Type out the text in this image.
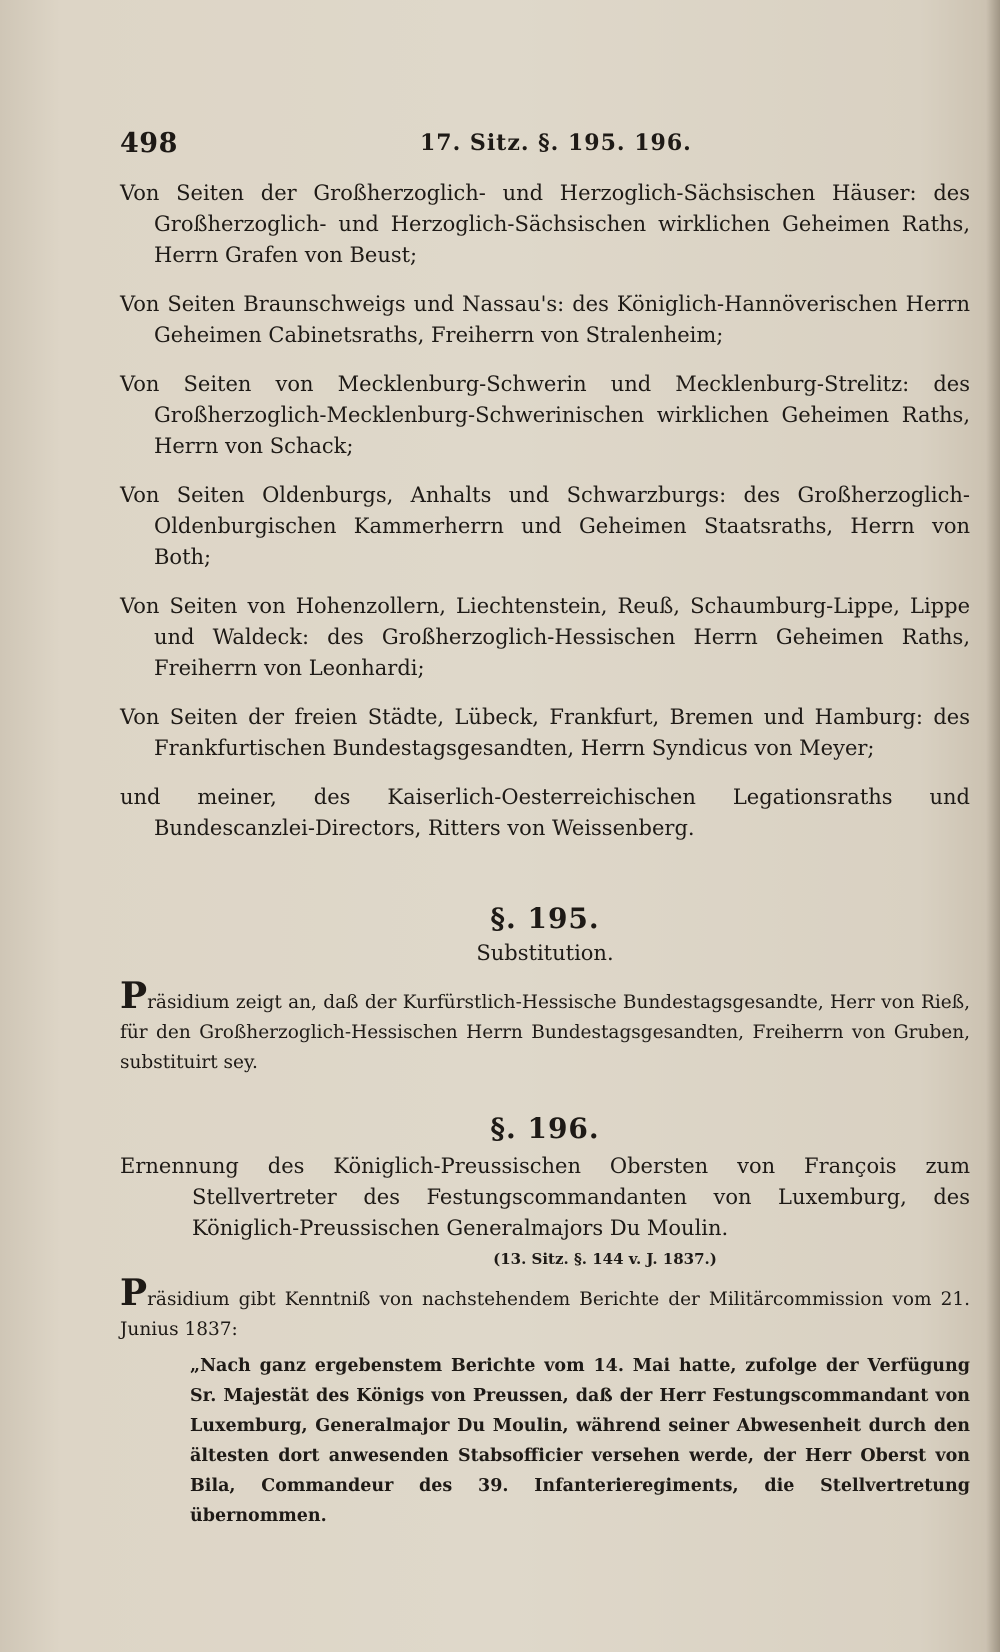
498	17. Sitz. §. 195. 196.

Von Seiten der Großherzoglich- und Herzoglich-Sächsischen Häuser: des Großherzoglich- und Herzoglich-Sächsischen wirklichen Geheimen Raths, Herrn Grafen von Beust;

Von Seiten Braunschweigs und Nassau's: des Königlich-Hannöverischen Herrn Geheimen Cabinetsraths, Freiherrn von Stralenheim;

Von Seiten von Mecklenburg-Schwerin und Mecklenburg-Strelitz: des Großherzoglich-Mecklenburg-Schwerinischen wirklichen Geheimen Raths, Herrn von Schack;

Von Seiten Oldenburgs, Anhalts und Schwarzburgs: des Großherzoglich-Oldenburgischen Kammerherrn und Geheimen Staatsraths, Herrn von Both;

Von Seiten von Hohenzollern, Liechtenstein, Reuß, Schaumburg-Lippe, Lippe und Waldeck: des Großherzoglich-Hessischen Herrn Geheimen Raths, Freiherrn von Leonhardi;

Von Seiten der freien Städte, Lübeck, Frankfurt, Bremen und Hamburg: des Frankfurtischen Bundestagsgesandten, Herrn Syndicus von Meyer;

und meiner, des Kaiserlich-Oesterreichischen Legationsraths und Bundescanzlei-Directors, Ritters von Weissenberg.

§. 195.
Substitution.

Präsidium zeigt an, daß der Kurfürstlich-Hessische Bundestagsgesandte, Herr von Rieß, für den Großherzoglich-Hessischen Herrn Bundestagsgesandten, Freiherrn von Gruben, substituirt sey.

§. 196.

Ernennung des Königlich-Preussischen Obersten von François zum Stellvertreter des Festungscommandanten von Luxemburg, des Königlich-Preussischen Generalmajors Du Moulin.

(13. Sitz. §. 144 v. J. 1837.)

Präsidium gibt Kenntniß von nachstehendem Berichte der Militärcommission vom 21. Junius 1837:

„Nach ganz ergebenstem Berichte vom 14. Mai hatte, zufolge der Verfügung Sr. Majestät des Königs von Preussen, daß der Herr Festungscommandant von Luxemburg, Generalmajor Du Moulin, während seiner Abwesenheit durch den ältesten dort anwesenden Stabsofficier versehen werde, der Herr Oberst von Bila, Commandeur des 39. Infanterieregiments, die Stellvertretung übernommen.
